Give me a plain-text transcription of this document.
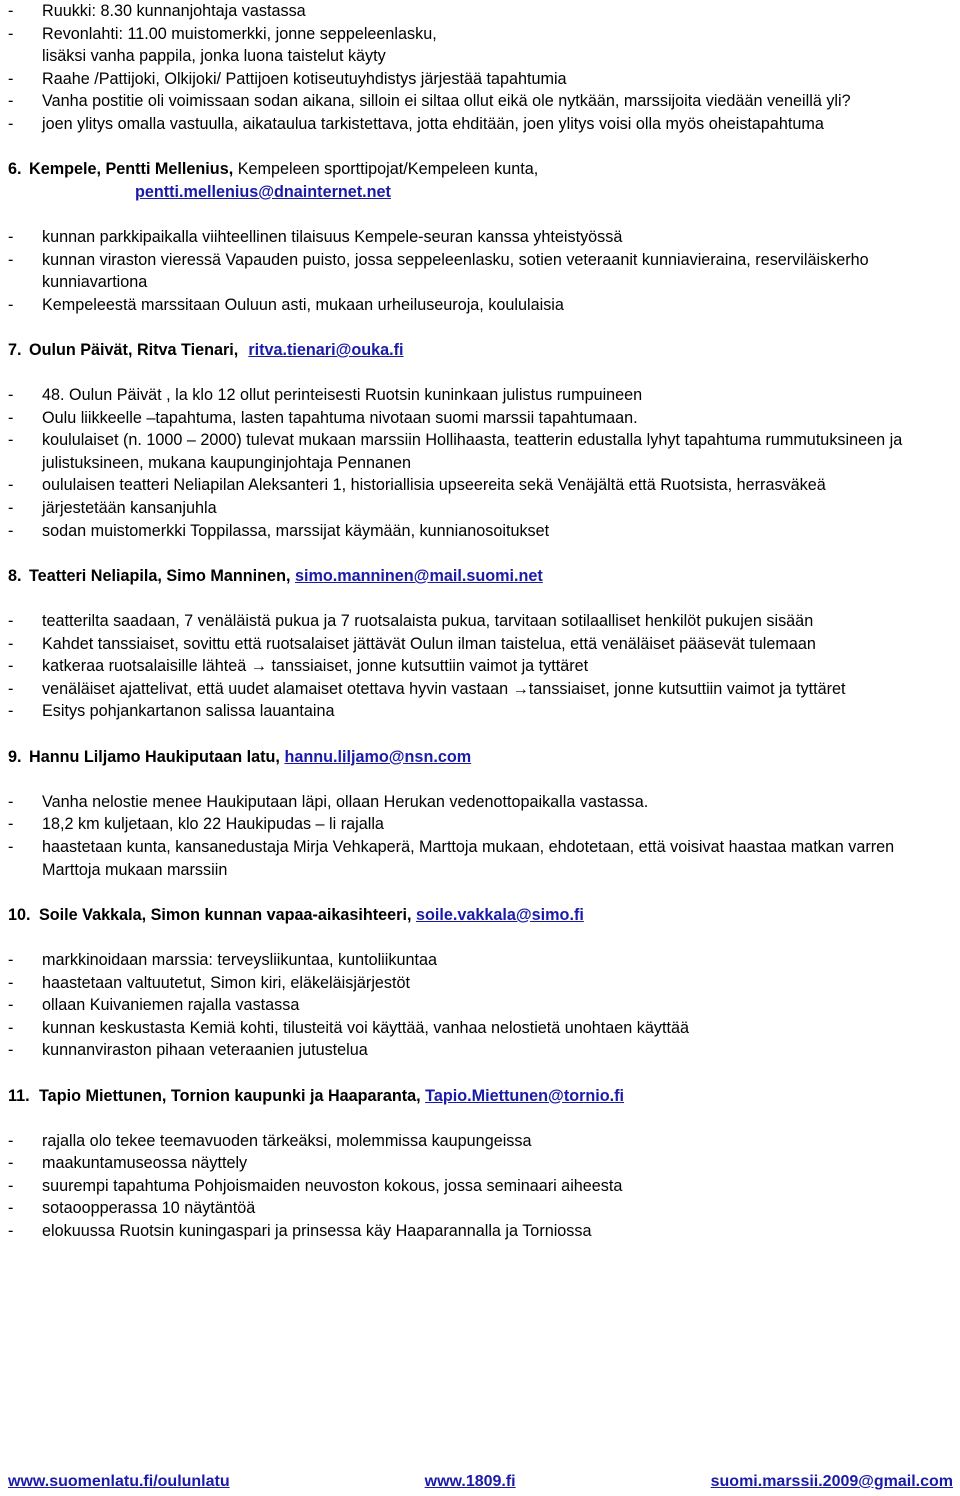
-	Ruukki: 8.30 kunnanjohtaja vastassa
-	Revonlahti: 11.00 muistomerkki, jonne seppeleenlasku,
lisäksi vanha pappila, jonka luona taistelut käyty
-	Raahe /Pattijoki, Olkijoki/ Pattijoen kotiseutuyhdistys järjestää tapahtumia
-	Vanha postitie oli voimissaan sodan aikana, silloin ei siltaa ollut eikä ole nytkään, marssijoita viedään veneillä yli?
-	joen ylitys omalla vastuulla, aikataulua tarkistettava, jotta ehditään, joen ylitys voisi olla myös oheistapahtuma
6. Kempele, Pentti Mellenius, Kempeleen sporttipojat/Kempeleen kunta,
pentti.mellenius@dnainternet.net
-	kunnan parkkipaikalla viihteellinen tilaisuus Kempele-seuran kanssa yhteistyössä
-	kunnan viraston vieressä Vapauden puisto, jossa seppeleenlasku, sotien veteraanit kunniavieraina, reserviläiskerho kunniavartiona
-	Kempeleestä marssitaan Ouluun asti, mukaan urheiluseuroja, koululaisia
7. Oulun Päivät, Ritva Tienari, ritva.tienari@ouka.fi
-	48. Oulun Päivät , la klo 12 ollut perinteisesti Ruotsin kuninkaan julistus rumpuineen
-	Oulu liikkeelle –tapahtuma, lasten tapahtuma nivotaan suomi marssii tapahtumaan.
-	koululaiset (n. 1000 – 2000) tulevat mukaan marssiin Hollihaasta, teatterin edustalla lyhyt tapahtuma rummutuksineen ja julistuksineen, mukana kaupunginjohtaja Pennanen
-	oululaisen teatteri Neliapilan Aleksanteri 1, historiallisia upseereita sekä Venäjältä että Ruotsista, herrasväkeä
-	järjestetään kansanjuhla
-	sodan muistomerkki Toppilassa, marssijat käymään, kunnianosoitukset
8. Teatteri Neliapila, Simo Manninen, simo.manninen@mail.suomi.net
-	teatterilta saadaan, 7 venäläistä pukua ja 7 ruotsalaista pukua, tarvitaan sotilaalliset henkilöt pukujen sisään
-	Kahdet tanssiaiset, sovittu että ruotsalaiset jättävät Oulun ilman taistelua, että venäläiset pääsevät tulemaan
-	katkeraa ruotsalaisille lähteä → tanssiaiset, jonne kutsuttiin vaimot ja tyttäret
-	venäläiset ajattelivat, että uudet alamaiset otettava hyvin vastaan →tanssiaiset, jonne kutsuttiin vaimot ja tyttäret
-	Esitys pohjankartanon salissa lauantaina
9. Hannu Liljamo Haukiputaan latu, hannu.liljamo@nsn.com
-	Vanha nelostie menee Haukiputaan läpi, ollaan Herukan vedenottopaikalla vastassa.
-	18,2 km kuljetaan, klo 22 Haukipudas – li rajalla
-	haastetaan kunta, kansanedustaja Mirja Vehkaperä, Marttoja mukaan, ehdotetaan, että voisivat haastaa matkan varren Marttoja mukaan marssiin
10. Soile Vakkala, Simon kunnan vapaa-aikasihteeri, soile.vakkala@simo.fi
-	markkinoidaan marssia: terveysliikuntaa, kuntoliikuntaa
-	haastetaan valtuutetut, Simon kiri, eläkeläisjärjestöt
-	ollaan Kuivaniemen rajalla vastassa
-	kunnan keskustasta Kemiä kohti, tilusteitä voi käyttää, vanhaa nelostietä unohtaen käyttää
-	kunnanviraston pihaan veteraanien jutustelua
11. Tapio Miettunen, Tornion kaupunki ja Haaparanta, Tapio.Miettunen@tornio.fi
-	rajalla olo tekee teemavuoden tärkeäksi, molemmissa kaupungeissa
-	maakuntamuseossa näyttely
-	suurempi tapahtuma Pohjoismaiden neuvoston kokous, jossa seminaari aiheesta
-	sotaoopperassa 10 näytäntöä
-	elokuussa Ruotsin kuningaspari ja prinsessa käy Haaparannalla ja Torniossa
www.suomenlatu.fi/oulunlatu	www.1809.fi	suomi.marssii.2009@gmail.com
